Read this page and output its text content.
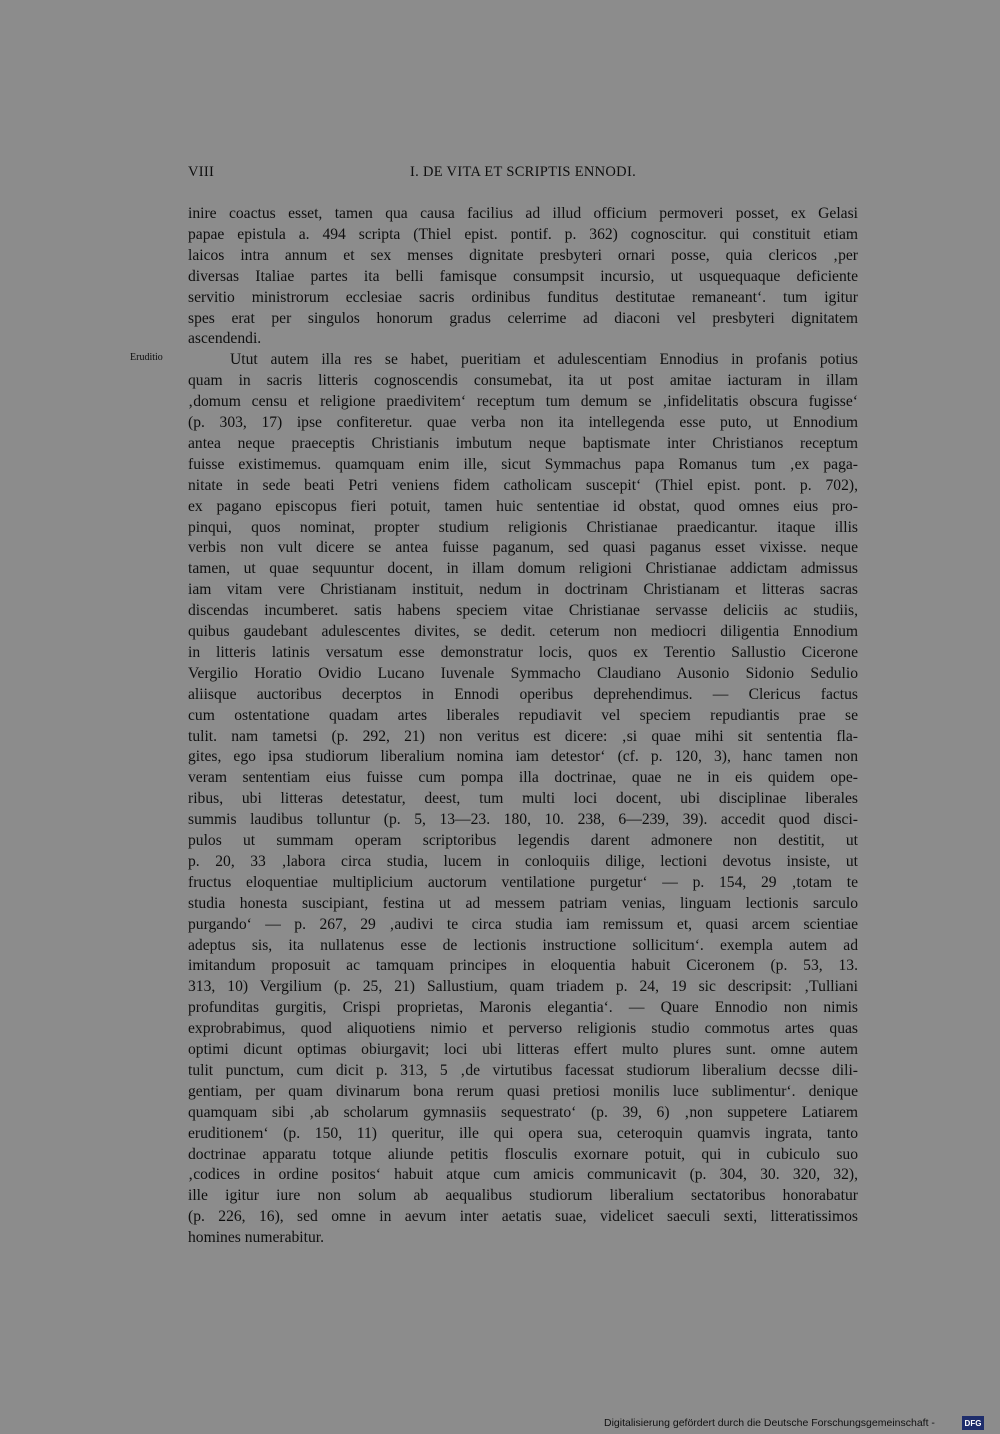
VIII	I. DE VITA ET SCRIPTIS ENNODI.
Eruditio
inire coactus esset, tamen qua causa facilius ad illud officium permoveri posset, ex Gelasi
papae epistula a. 494 scripta (Thiel epist. pontif. p. 362) cognoscitur. qui constituit etiam
laicos intra annum et sex menses dignitate presbyteri ornari posse, quia clericos ‚per
diversas Italiae partes ita belli famisque consumpsit incursio, ut usquequaque deficiente
servitio ministrorum ecclesiae sacris ordinibus funditus destitutae remaneant‘. tum igitur
spes erat per singulos honorum gradus celerrime ad diaconi vel presbyteri dignitatem
ascendendi.
Utut autem illa res se habet, pueritiam et adulescentiam Ennodius in profanis potius
quam in sacris litteris cognoscendis consumebat, ita ut post amitae iacturam in illam
‚domum censu et religione praedivitem‘ receptum tum demum se ‚infidelitatis obscura fugisse‘
(p. 303, 17) ipse confiteretur. quae verba non ita intellegenda esse puto, ut Ennodium
antea neque praeceptis Christianis imbutum neque baptismate inter Christianos receptum
fuisse existimemus. quamquam enim ille, sicut Symmachus papa Romanus tum ‚ex paga-
nitate in sede beati Petri veniens fidem catholicam suscepit‘ (Thiel epist. pont. p. 702),
ex pagano episcopus fieri potuit, tamen huic sententiae id obstat, quod omnes eius pro-
pinqui, quos nominat, propter studium religionis Christianae praedicantur. itaque illis
verbis non vult dicere se antea fuisse paganum, sed quasi paganus esset vixisse. neque
tamen, ut quae sequuntur docent, in illam domum religioni Christianae addictam admissus
iam vitam vere Christianam instituit, nedum in doctrinam Christianam et litteras sacras
discendas incumberet. satis habens speciem vitae Christianae servasse deliciis ac studiis,
quibus gaudebant adulescentes divites, se dedit. ceterum non mediocri diligentia Ennodium
in litteris latinis versatum esse demonstratur locis, quos ex Terentio Sallustio Cicerone
Vergilio Horatio Ovidio Lucano Iuvenale Symmacho Claudiano Ausonio Sidonio Sedulio
aliisque auctoribus decerptos in Ennodi operibus deprehendimus. — Clericus factus
cum ostentatione quadam artes liberales repudiavit vel speciem repudiantis prae se
tulit. nam tametsi (p. 292, 21) non veritus est dicere: ‚si quae mihi sit sententia fla-
gites, ego ipsa studiorum liberalium nomina iam detestor‘ (cf. p. 120, 3), hanc tamen non
veram sententiam eius fuisse cum pompa illa doctrinae, quae ne in eis quidem ope-
ribus, ubi litteras detestatur, deest, tum multi loci docent, ubi disciplinae liberales
summis laudibus tolluntur (p. 5, 13—23. 180, 10. 238, 6—239, 39). accedit quod disci-
pulos ut summam operam scriptoribus legendis darent admonere non destitit, ut
p. 20, 33 ‚labora circa studia, lucem in conloquiis dilige, lectioni devotus insiste, ut
fructus eloquentiae multiplicium auctorum ventilatione purgetur‘ — p. 154, 29 ‚totam te
studia honesta suscipiant, festina ut ad messem patriam venias, linguam lectionis sarculo
purgando‘ — p. 267, 29 ‚audivi te circa studia iam remissum et, quasi arcem scientiae
adeptus sis, ita nullatenus esse de lectionis instructione sollicitum‘. exempla autem ad
imitandum proposuit ac tamquam principes in eloquentia habuit Ciceronem (p. 53, 13.
313, 10) Vergilium (p. 25, 21) Sallustium, quam triadem p. 24, 19 sic descripsit: ‚Tulliani
profunditas gurgitis, Crispi proprietas, Maronis elegantia‘. — Quare Ennodio non nimis
exprobrabimus, quod aliquotiens nimio et perverso religionis studio commotus artes quas
optimi dicunt optimas obiurgavit; loci ubi litteras effert multo plures sunt. omne autem
tulit punctum, cum dicit p. 313, 5 ‚de virtutibus facessat studiorum liberalium decsse dili-
gentiam, per quam divinarum bona rerum quasi pretiosi monilis luce sublimentur‘. denique
quamquam sibi ‚ab scholarum gymnasiis sequestrato‘ (p. 39, 6) ‚non suppetere Latiarem
eruditionem‘ (p. 150, 11) queritur, ille qui opera sua, ceteroquin quamvis ingrata, tanto
doctrinae apparatu totque aliunde petitis flosculis exornare potuit, qui in cubiculo suo
‚codices in ordine positos‘ habuit atque cum amicis communicavit (p. 304, 30. 320, 32),
ille igitur iure non solum ab aequalibus studiorum liberalium sectatoribus honorabatur
(p. 226, 16), sed omne in aevum inter aetatis suae, videlicet saeculi sexti, litteratissimos
homines numerabitur.
Digitalisierung gefördert durch die Deutsche Forschungsgemeinschaft -	DFG
